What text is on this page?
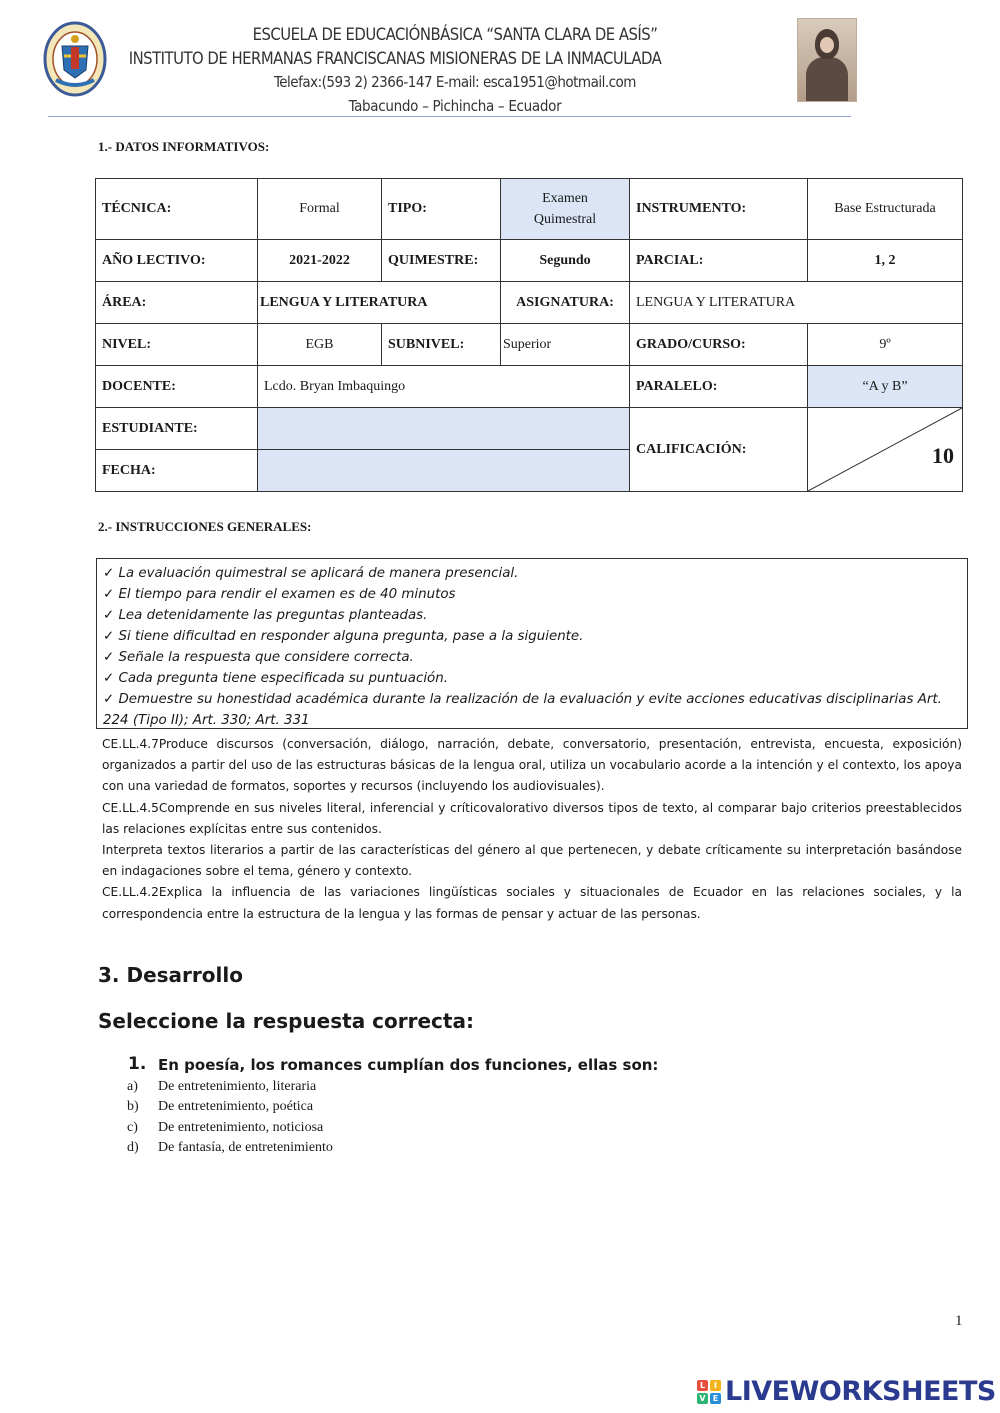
ESCUELA DE EDUCACIÓNBÁSICA “SANTA CLARA DE ASÍS”
INSTITUTO DE HERMANAS FRANCISCANAS MISIONERAS DE LA INMACULADA
Telefax:(593 2) 2366-147 E-mail: esca1951@hotmail.com
Tabacundo – Pichincha – Ecuador
1.- DATOS INFORMATIVOS:
TÉCNICA:	Formal	TIPO:	Examen Quimestral	INSTRUMENTO:	Base Estructurada
AÑO LECTIVO:	2021-2022	QUIMESTRE:	Segundo	PARCIAL:	1, 2
ÁREA:	LENGUA Y LITERATURA		ASIGNATURA:	LENGUA Y LITERATURA	
NIVEL:	EGB	SUBNIVEL:	Superior	GRADO/CURSO:	9º
DOCENTE:	Lcdo. Bryan Imbaquingo			PARALELO:	“A y B”
ESTUDIANTE:				CALIFICACIÓN:	10

FECHA:					
2.- INSTRUCCIONES GENERALES:
✓ La evaluación quimestral se aplicará de manera presencial.
✓ El tiempo para rendir el examen es de 40 minutos
✓ Lea detenidamente las preguntas planteadas.
✓ Si tiene dificultad en responder alguna pregunta, pase a la siguiente.
✓ Señale la respuesta que considere correcta.
✓ Cada pregunta tiene especificada su puntuación.
✓ Demuestre su honestidad académica durante la realización de la evaluación y evite acciones educativas disciplinarias Art. 224 (Tipo II); Art. 330; Art. 331

CE.LL.4.7Produce discursos (conversación, diálogo, narración, debate, conversatorio, presentación, entrevista, encuesta, exposición) organizados a partir del uso de las estructuras básicas de la lengua oral, utiliza un vocabulario acorde a la intención y el contexto, los apoya con una variedad de formatos, soportes y recursos (incluyendo los audiovisuales).

CE.LL.4.5Comprende en sus niveles literal, inferencial y críticovalorativo diversos tipos de texto, al comparar bajo criterios preestablecidos las relaciones explícitas entre sus contenidos.

Interpreta textos literarios a partir de las características del género al que pertenecen, y debate críticamente su interpretación basándose en indagaciones sobre el tema, género y contexto.

CE.LL.4.2Explica la influencia de las variaciones lingüísticas sociales y situacionales de Ecuador en las relaciones sociales, y la correspondencia entre la estructura de la lengua y las formas de pensar y actuar de las personas.

3. Desarrollo
Seleccione la respuesta correcta:
1. En poesía, los romances cumplían dos funciones, ellas son:
a)	De entretenimiento, literaria
b)	De entretenimiento, poética
c)	De entretenimiento, noticiosa
d)	De fantasía, de entretenimiento
1
L	I
V E LIVEWORKSHEETS
